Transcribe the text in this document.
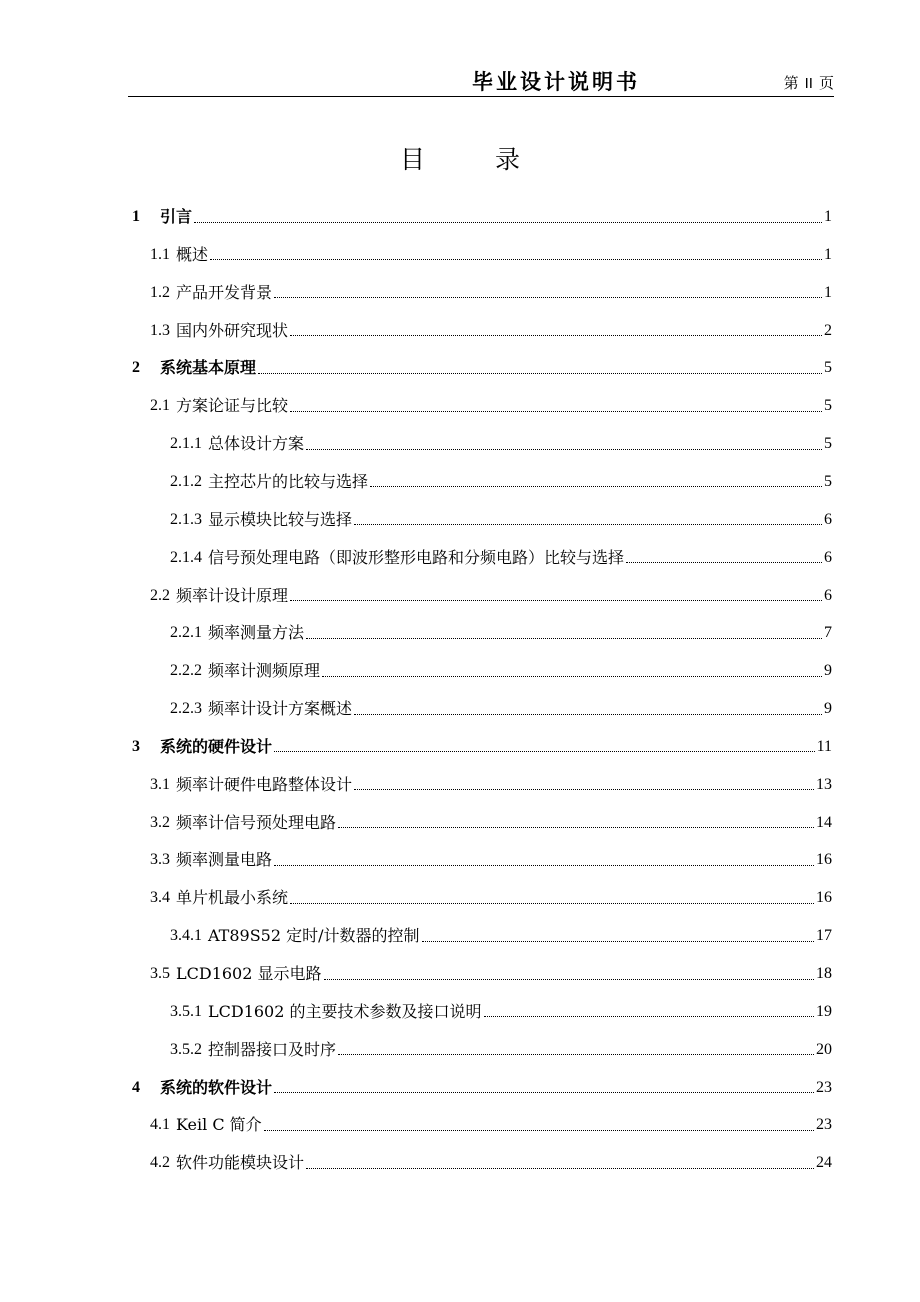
毕业设计说明书	第 II 页
目	录
1	引言	1
1.1 概述	1
1.2 产品开发背景	1
1.3 国内外研究现状	2
2	系统基本原理	5
2.1 方案论证与比较	5
2.1.1 总体设计方案	5
2.1.2 主控芯片的比较与选择	5
2.1.3 显示模块比较与选择	6
2.1.4 信号预处理电路（即波形整形电路和分频电路）比较与选择	6
2.2 频率计设计原理	6
2.2.1 频率测量方法	7
2.2.2 频率计测频原理	9
2.2.3 频率计设计方案概述	9
3	系统的硬件设计	11
3.1 频率计硬件电路整体设计	13
3.2 频率计信号预处理电路	14
3.3 频率测量电路	16
3.4 单片机最小系统	16
3.4.1 AT89S52 定时/计数器的控制	17
3.5 LCD1602 显示电路	18
3.5.1 LCD1602 的主要技术参数及接口说明	19
3.5.2 控制器接口及时序	20
4	系统的软件设计	23
4.1 Keil C 简介	23
4.2 软件功能模块设计	24
